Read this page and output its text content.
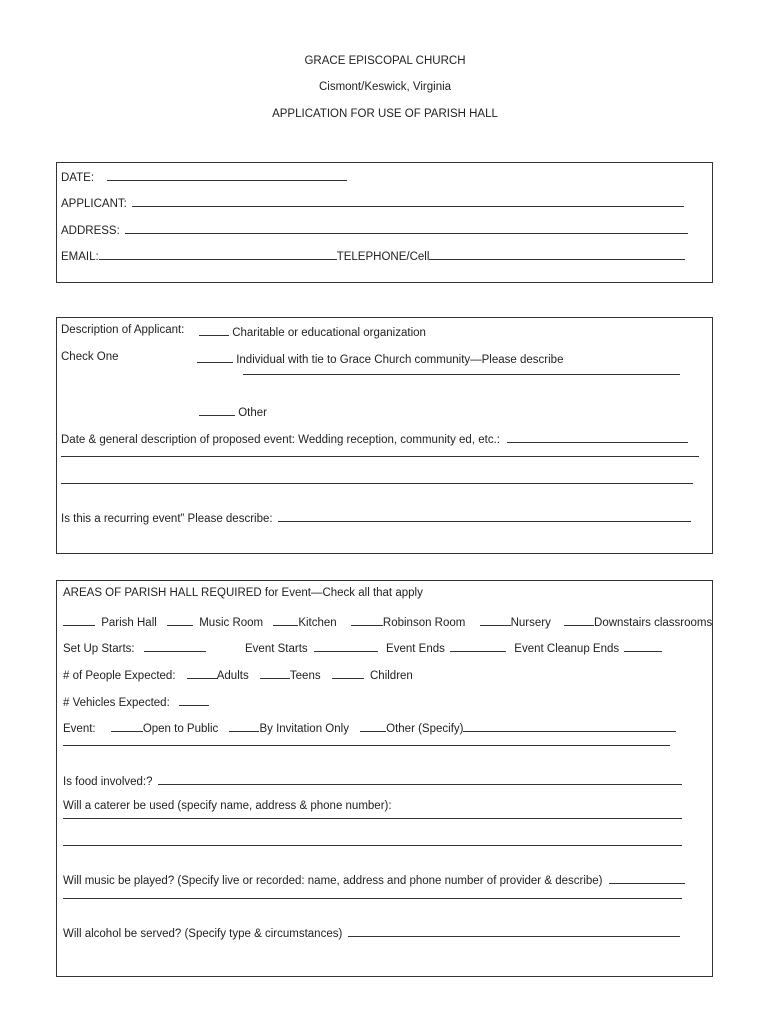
GRACE EPISCOPAL CHURCH
Cismont/Keswick, Virginia
APPLICATION FOR USE OF PARISH HALL
DATE:
APPLICANT:
ADDRESS:
EMAIL:	TELEPHONE/Cell
Description of Applicant:	Charitable or educational organization
Check One	Individual with tie to Grace Church community—Please describe
Other
Date & general description of proposed event: Wedding reception, community ed, etc.:
Is this a recurring event” Please describe:
AREAS OF PARISH HALL REQUIRED for Event—Check all that apply
Parish Hall	Music Room	Kitchen	Robinson Room	Nursery	Downstairs classrooms
Set Up Starts:	Event Starts	Event Ends	Event Cleanup Ends
# of People Expected:	Adults	Teens	Children
# Vehicles Expected:
Event:	Open to Public	By Invitation Only	Other (Specify)
Is food involved:?
Will a caterer be used (specify name, address & phone number):
Will music be played? (Specify live or recorded: name, address and phone number of provider & describe)
Will alcohol be served? (Specify type & circumstances)
